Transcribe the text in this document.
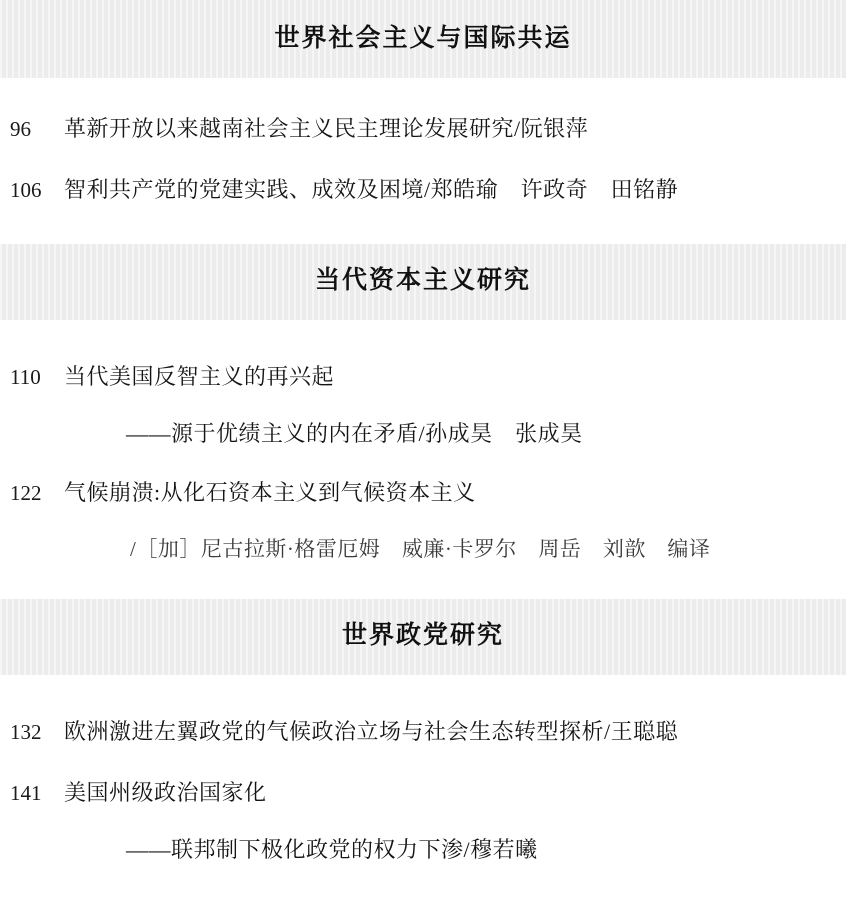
世界社会主义与国际共运
96	革新开放以来越南社会主义民主理论发展研究/阮银萍
106	智利共产党的党建实践、成效及困境/郑皓瑜　许政奇　田铭静
当代资本主义研究
110	当代美国反智主义的再兴起
——源于优绩主义的内在矛盾/孙成昊　张成昊
122	气候崩溃:从化石资本主义到气候资本主义
/［加］尼古拉斯·格雷厄姆　威廉·卡罗尔　周岳　刘歆　编译
世界政党研究
132	欧洲激进左翼政党的气候政治立场与社会生态转型探析/王聪聪
141	美国州级政治国家化
——联邦制下极化政党的权力下渗/穆若曦
